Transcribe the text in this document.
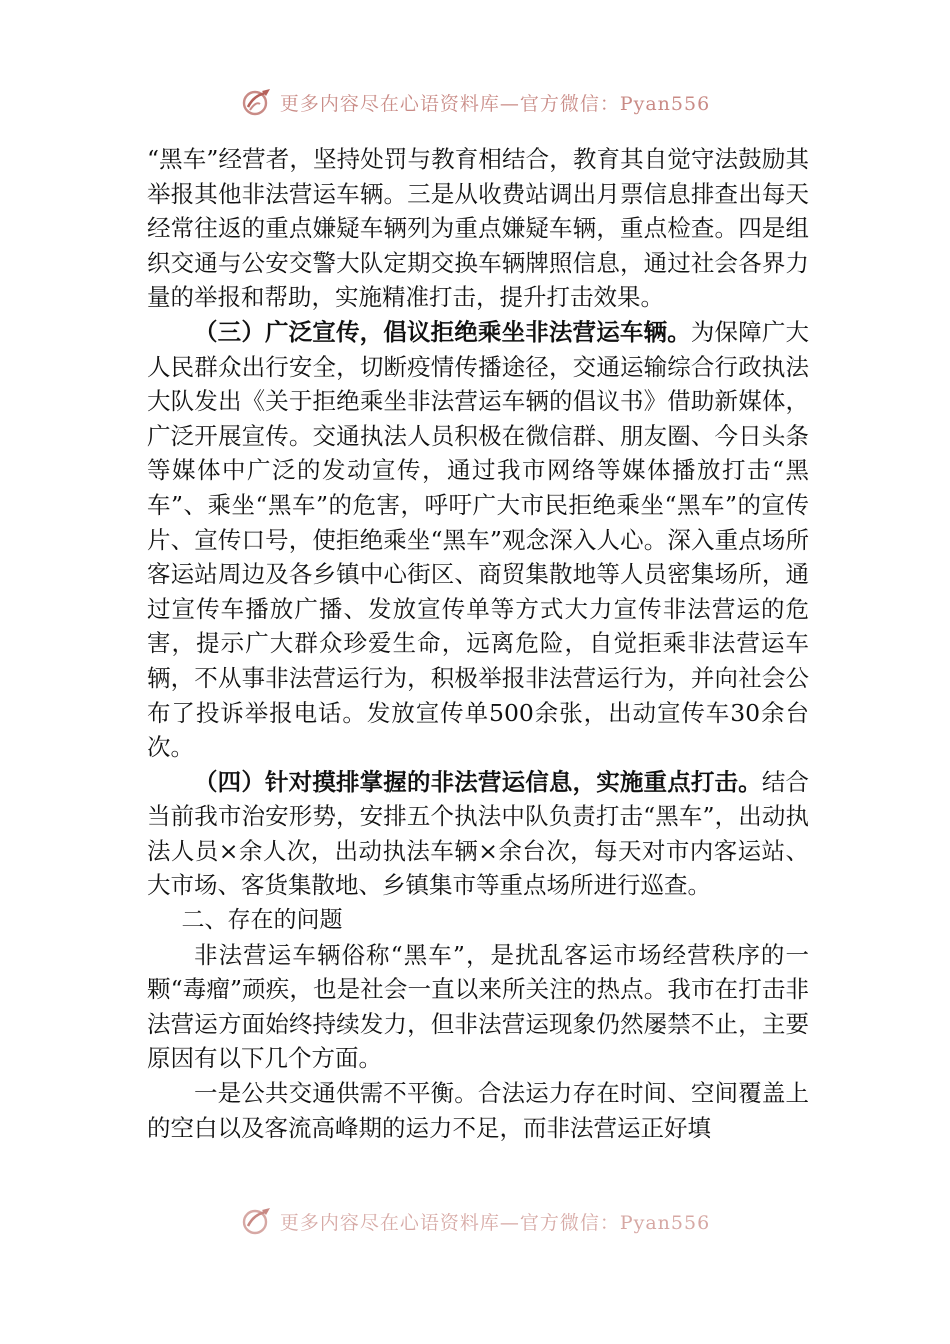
更多内容尽在心语资料库—官方微信：Pyan556

“黑车”经营者，坚持处罚与教育相结合，教育其自觉守法鼓励其举报其他非法营运车辆。三是从收费站调出月票信息排查出每天经常往返的重点嫌疑车辆列为重点嫌疑车辆，重点检查。四是组织交通与公安交警大队定期交换车辆牌照信息，通过社会各界力量的举报和帮助，实施精准打击，提升打击效果。

（三）广泛宣传，倡议拒绝乘坐非法营运车辆。为保障广大人民群众出行安全，切断疫情传播途径，交通运输综合行政执法大队发出《关于拒绝乘坐非法营运车辆的倡议书》借助新媒体，广泛开展宣传。交通执法人员积极在微信群、朋友圈、今日头条等媒体中广泛的发动宣传，通过我市网络等媒体播放打击“黑车”、乘坐“黑车”的危害，呼吁广大市民拒绝乘坐“黑车”的宣传片、宣传口号，使拒绝乘坐“黑车”观念深入人心。深入重点场所客运站周边及各乡镇中心街区、商贸集散地等人员密集场所，通过宣传车播放广播、发放宣传单等方式大力宣传非法营运的危害，提示广大群众珍爱生命，远离危险，自觉拒乘非法营运车辆，不从事非法营运行为，积极举报非法营运行为，并向社会公布了投诉举报电话。发放宣传单500余张，出动宣传车30余台次。

（四）针对摸排掌握的非法营运信息，实施重点打击。结合当前我市治安形势，安排五个执法中队负责打击“黑车”，出动执法人员×余人次，出动执法车辆×余台次，每天对市内客运站、大市场、客货集散地、乡镇集市等重点场所进行巡查。

二、存在的问题

非法营运车辆俗称“黑车”，是扰乱客运市场经营秩序的一颗“毒瘤”顽疾，也是社会一直以来所关注的热点。我市在打击非法营运方面始终持续发力，但非法营运现象仍然屡禁不止，主要原因有以下几个方面。

一是公共交通供需不平衡。合法运力存在时间、空间覆盖上的空白以及客流高峰期的运力不足，而非法营运正好填

更多内容尽在心语资料库—官方微信：Pyan556
